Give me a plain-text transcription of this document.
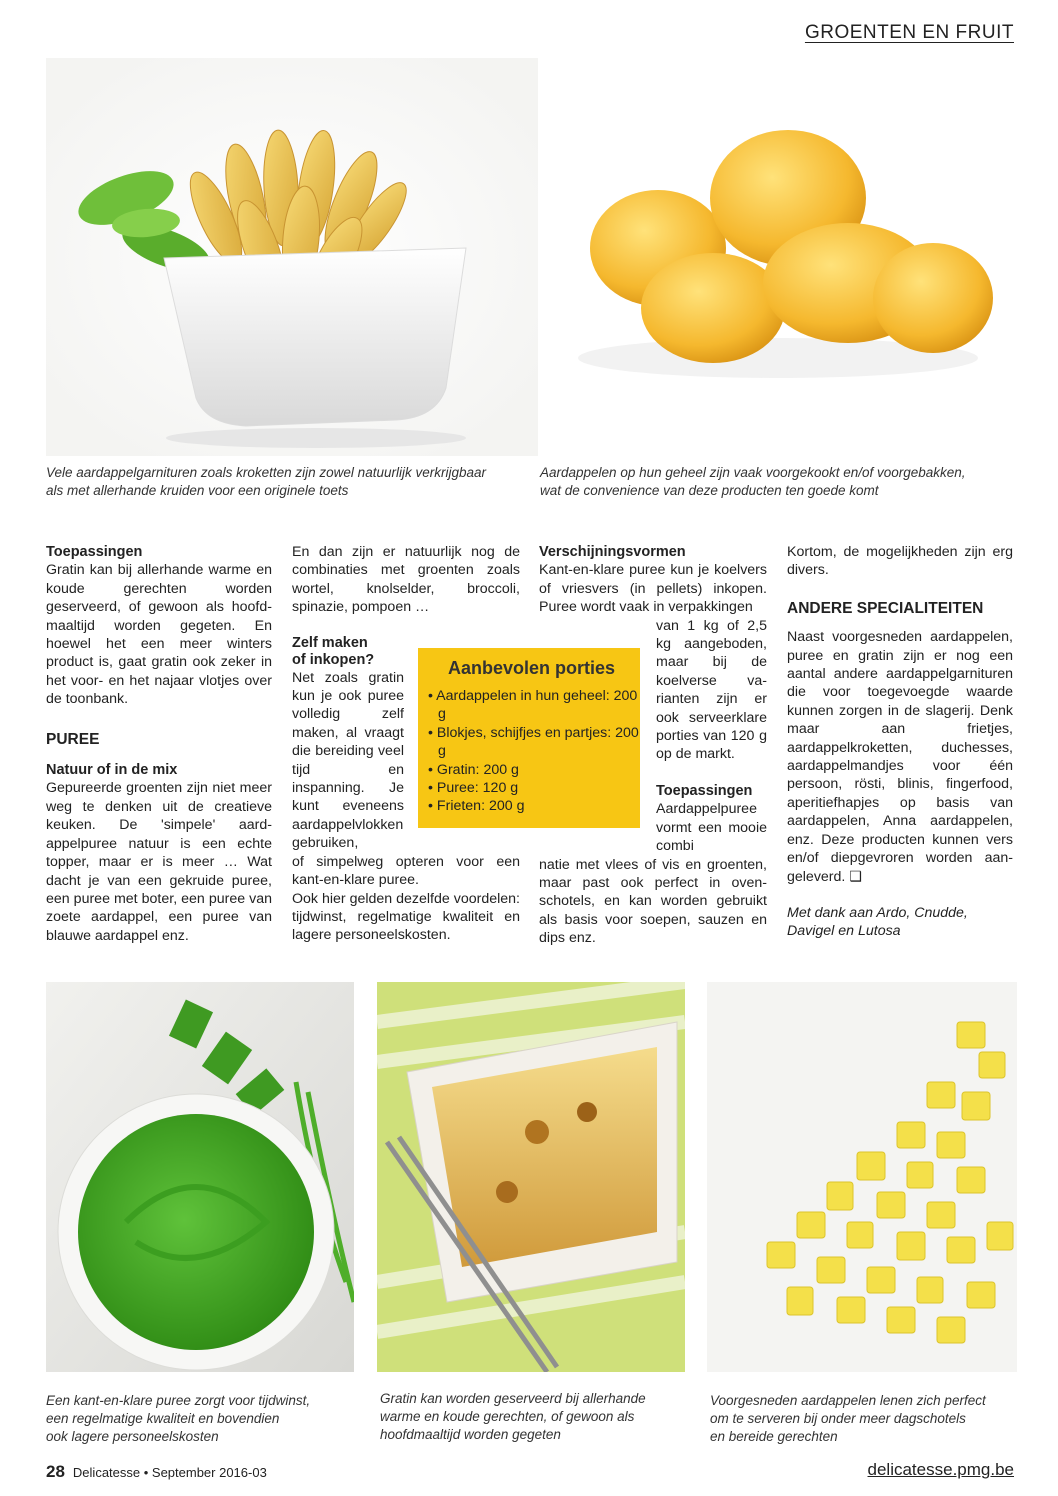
GROENTEN EN FRUIT
Vele aardappelgarnituren zoals kroketten zijn zowel natuurlijk verkrijgbaar
als met allerhande kruiden voor een originele toets
Aardappelen op hun geheel zijn vaak voorgekookt en/of voorgebakken,
wat de convenience van deze producten ten goede komt

Toepassingen

Gratin kan bij allerhande warme en koude gerechten worden geserveerd, of gewoon als hoofdmaaltijd worden gegeten. En hoewel het een meer winters product is, gaat gratin ook zeker in het voor- en het najaar vlotjes over de toonbank.

PUREE

Natuur of in de mix

Gepureerde groenten zijn niet meer weg te denken uit de creatieve keuken. De 'simpele' aardappelpuree natuur is een echte topper, maar er is meer … Wat dacht je van een gekruide puree, een puree met boter, een puree van zoete aardappel, een puree van blauwe aardappel enz.

En dan zijn er natuurlijk nog de combinaties met groenten zoals wortel, knolselder, broccoli, spinazie, pompoen …

Zelf maken

of inkopen?

Net zoals gratin kun je ook puree volledig zelf maken, al vraagt die bereiding veel tijd en inspanning. Je kunt eveneens aardappelvlokken gebruiken,

of simpelweg opteren voor een kant-en-klare puree.

Ook hier gelden dezelfde voordelen: tijdwinst, regelmatige kwaliteit en lagere personeelskosten.

Aanbevolen porties
• Aardappelen in hun geheel: 200 g
• Blokjes, schijfjes en partjes: 200 g
• Gratin: 200 g
• Puree: 120 g
• Frieten: 200 g

Verschijningsvormen

Kant-en-klare puree kun je koelvers of vriesvers (in pellets) inkopen. Puree wordt vaak in verpakkingen

van 1 kg of 2,5 kg aangeboden, maar bij de koelverse varianten zijn er ook serveerklare porties van 120 g op de markt.

Toepassingen

Aardappelpuree vormt een mooie combi

natie met vlees of vis en groenten, maar past ook perfect in ovenschotels, en kan worden gebruikt als basis voor soepen, sauzen en dips enz.

Kortom, de mogelijkheden zijn erg divers.

ANDERE SPECIALITEITEN

Naast voorgesneden aardappelen, puree en gratin zijn er nog een aantal andere aardappelgarnituren die voor toegevoegde waarde kunnen zorgen in de slagerij. Denk maar aan frietjes, aardappelkroketten, duchesses, aardappelmandjes voor één persoon, rösti, blinis, fingerfood, aperitiefhapjes op basis van aardappelen, Anna aardappelen, enz. Deze producten kunnen vers en/of diepgevroren worden aangeleverd. ❑

Met dank aan Ardo, Cnudde, Davigel en Lutosa

Een kant-en-klare puree zorgt voor tijdwinst,
een regelmatige kwaliteit en bovendien
ook lagere personeelskosten
Gratin kan worden geserveerd bij allerhande
warme en koude gerechten, of gewoon als
hoofdmaaltijd worden gegeten
Voorgesneden aardappelen lenen zich perfect
om te serveren bij onder meer dagschotels
en bereide gerechten
28 Delicatesse • September 2016-03	delicatesse.pmg.be
